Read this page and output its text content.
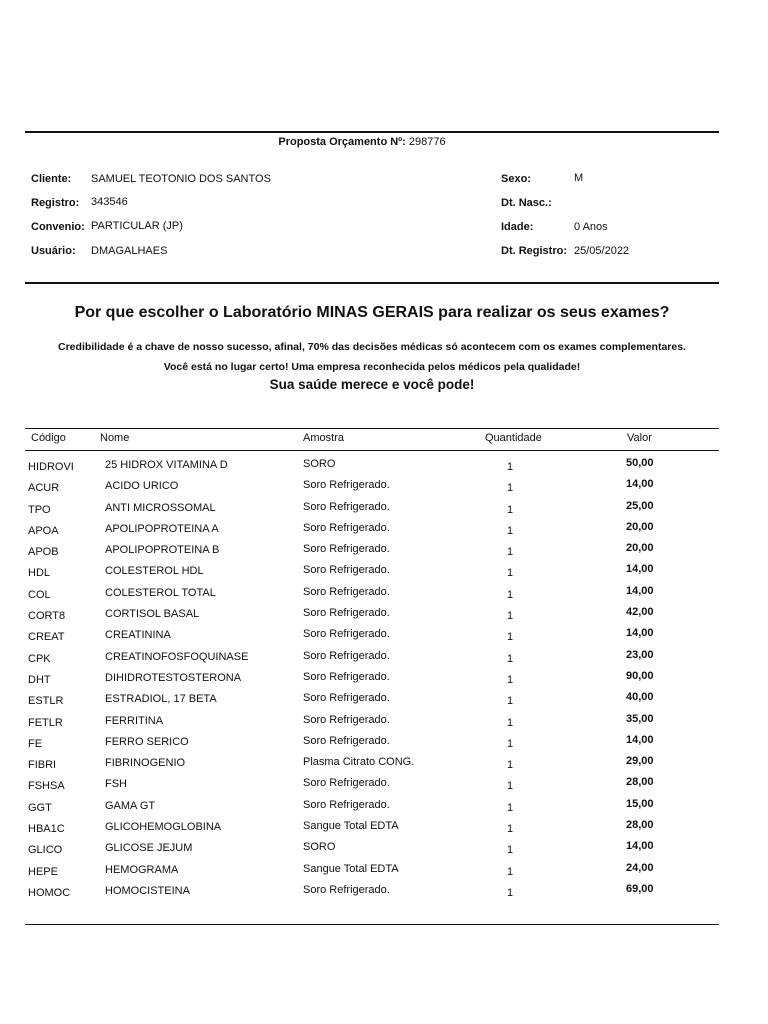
Proposta Orçamento Nº: 298776
Cliente: SAMUEL TEOTONIO DOS SANTOS
Registro: 343546
Convenio: PARTICULAR (JP)
Usuário: DMAGALHAES
Sexo:	M
Dt. Nasc.:
Idade:	0 Anos
Dt. Registro: 25/05/2022
Por que escolher o Laboratório MINAS GERAIS para realizar os seus exames?
Credibilidade é a chave de nosso sucesso, afinal, 70% das decisões médicas só acontecem com os exames complementares.
Você está no lugar certo! Uma empresa reconhecida pelos médicos pela qualidade!
Sua saúde merece e você pode!
Código	Nome	Amostra	Quantidade	Valor
HIDROVI	25 HIDROX VITAMINA D	SORO	1	50,00
ACUR	ACIDO URICO	Soro Refrigerado.	1	14,00
TPO	ANTI MICROSSOMAL	Soro Refrigerado.	1	25,00
APOA	APOLIPOPROTEINA A	Soro Refrigerado.	1	20,00
APOB	APOLIPOPROTEINA B	Soro Refrigerado.	1	20,00
HDL	COLESTEROL HDL	Soro Refrigerado.	1	14,00
COL	COLESTEROL TOTAL	Soro Refrigerado.	1	14,00
CORT8	CORTISOL BASAL	Soro Refrigerado.	1	42,00
CREAT	CREATININA	Soro Refrigerado.	1	14,00
CPK	CREATINOFOSFOQUINASE	Soro Refrigerado.	1	23,00
DHT	DIHIDROTESTOSTERONA	Soro Refrigerado.	1	90,00
ESTLR	ESTRADIOL, 17 BETA	Soro Refrigerado.	1	40,00
FETLR	FERRITINA	Soro Refrigerado.	1	35,00
FE	FERRO SERICO	Soro Refrigerado.	1	14,00
FIBRI	FIBRINOGENIO	Plasma Citrato CONG.	1	29,00
FSHSA	FSH	Soro Refrigerado.	1	28,00
GGT	GAMA GT	Soro Refrigerado.	1	15,00
HBA1C	GLICOHEMOGLOBINA	Sangue Total EDTA	1	28,00
GLICO	GLICOSE JEJUM	SORO	1	14,00
HEPE	HEMOGRAMA	Sangue Total EDTA	1	24,00
HOMOC	HOMOCISTEINA	Soro Refrigerado.	1	69,00
